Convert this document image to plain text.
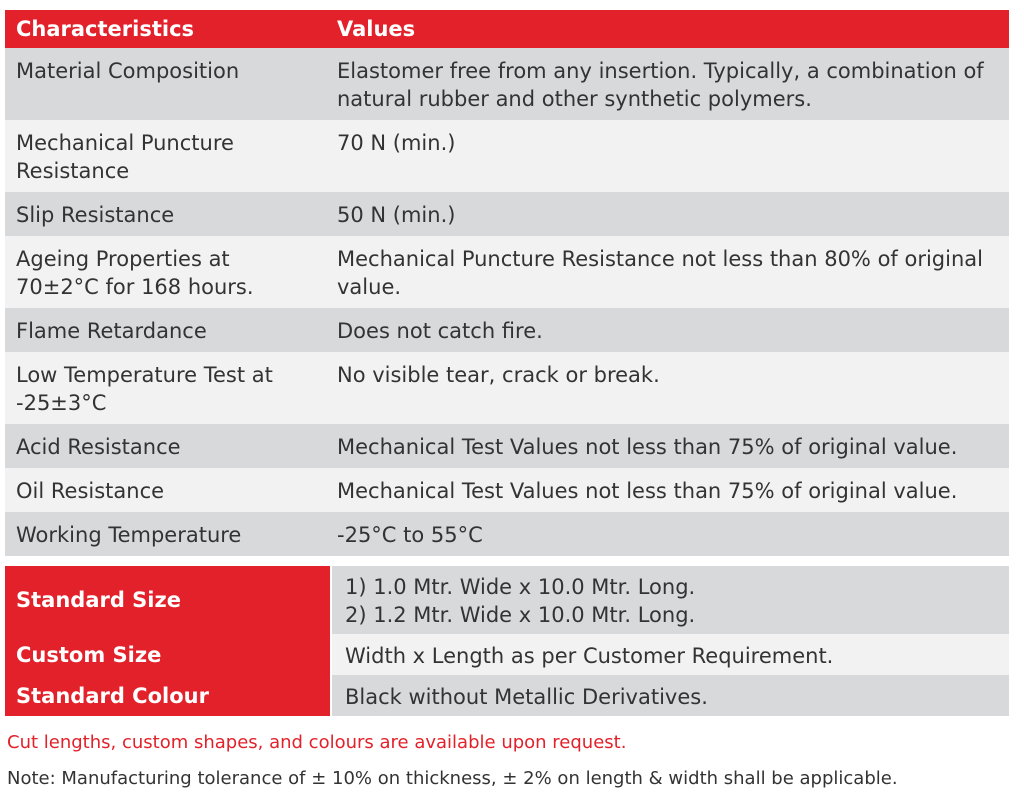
Characteristics	Values
Material Composition	Elastomer free from any insertion. Typically, a combination of natural rubber and other synthetic polymers.
Mechanical Puncture Resistance	70 N (min.)
Slip Resistance	50 N (min.)
Ageing Properties at 70±2°C for 168 hours.	Mechanical Puncture Resistance not less than 80% of original value.
Flame Retardance	Does not catch fire.
Low Temperature Test at -25±3°C	No visible tear, crack or break.
Acid Resistance	Mechanical Test Values not less than 75% of original value.
Oil Resistance	Mechanical Test Values not less than 75% of original value.
Working Temperature	-25°C to 55°C
Standard Size	1) 1.0 Mtr. Wide x 10.0 Mtr. Long.
2) 1.2 Mtr. Wide x 10.0 Mtr. Long.

Custom Size	Width x Length as per Customer Requirement.
Standard Colour	Black without Metallic Derivatives.
Cut lengths, custom shapes, and colours are available upon request.
Note: Manufacturing tolerance of ± 10% on thickness, ± 2% on length & width shall be applicable.
